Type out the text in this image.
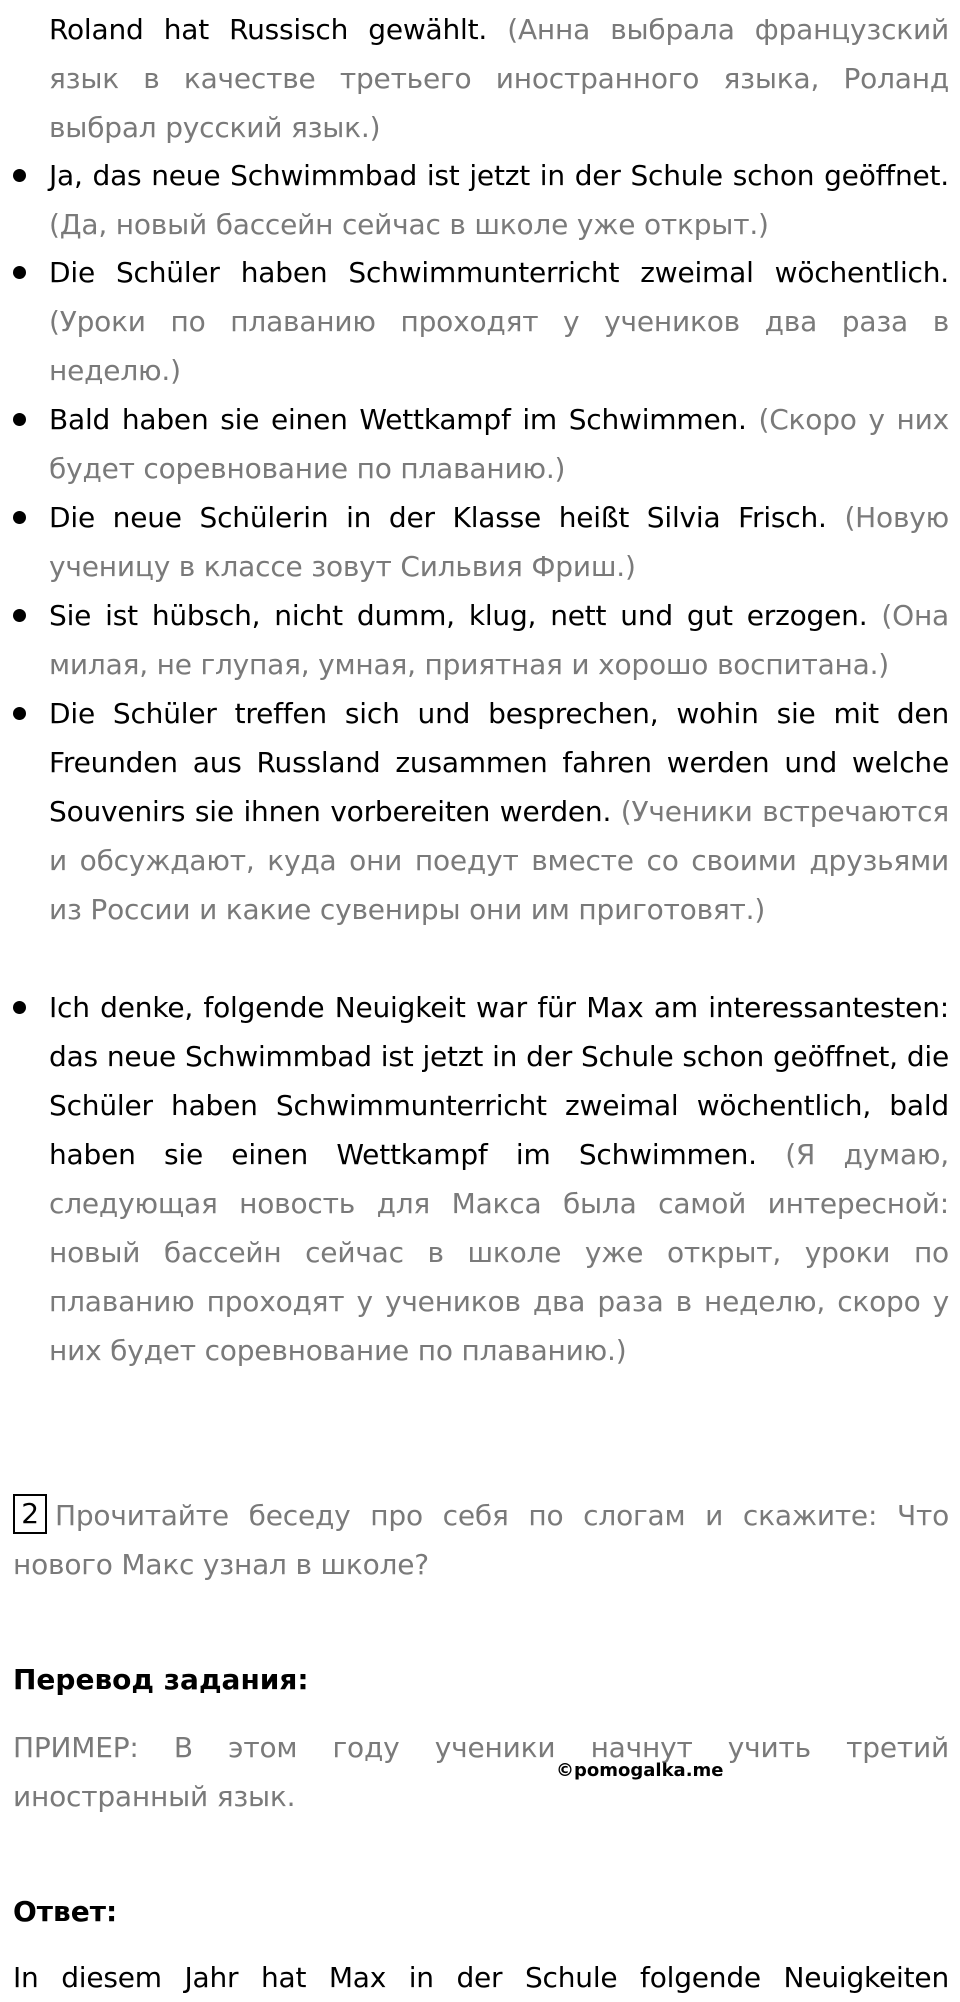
Roland hat Russisch gewählt. (Анна выбрала французский язык в качестве третьего иностранного языка, Роланд выбрал русский язык.)
Ja, das neue Schwimmbad ist jetzt in der Schule schon geöffnet. (Да, новый бассейн сейчас в школе уже открыт.)
Die Schüler haben Schwimmunterricht zweimal wöchentlich. (Уроки по плаванию проходят у учеников два раза в неделю.)
Bald haben sie einen Wettkampf im Schwimmen. (Скоро у них будет соревнование по плаванию.)
Die neue Schülerin in der Klasse heißt Silvia Frisch. (Новую ученицу в классе зовут Сильвия Фриш.)
Sie ist hübsch, nicht dumm, klug, nett und gut erzogen. (Она милая, не глупая, умная, приятная и хорошо воспитана.)
Die Schüler treffen sich und besprechen, wohin sie mit den Freunden aus Russland zusammen fahren werden und welche Souvenirs sie ihnen vorbereiten werden. (Ученики встречаются и обсуждают, куда они поедут вместе со своими друзьями из России и какие сувениры они им приготовят.)
Ich denke, folgende Neuigkeit war für Max am interessantesten: das neue Schwimmbad ist jetzt in der Schule schon geöffnet, die Schüler haben Schwimmunterricht zweimal wöchentlich, bald haben sie einen Wettkampf im Schwimmen. (Я думаю, следующая новость для Макса была самой интересной: новый бассейн сейчас в школе уже открыт, уроки по плаванию проходят у учеников два раза в неделю, скоро у них будет соревнование по плаванию.)
2 Прочитайте беседу про себя по слогам и скажите: Что нового Макс узнал в школе?
Перевод задания:
ПРИМЕР: В этом году ученики начнут учить третий иностранный язык.
©pomogalka.me
Ответ:
In diesem Jahr hat Max in der Schule folgende Neuigkeiten
